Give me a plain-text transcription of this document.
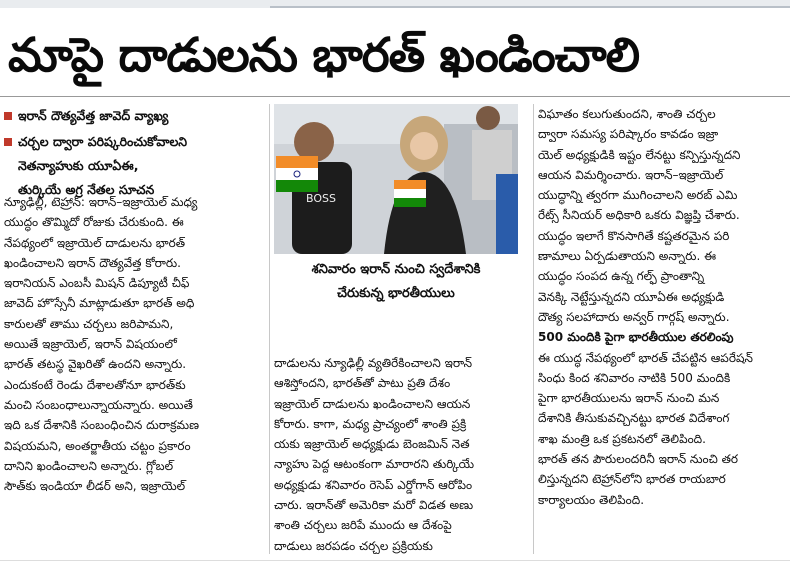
మాపై దాడులను భారత్ ఖండించాలి
ఇరాన్ దౌత్యవేత్త జావెద్ వ్యాఖ్య
చర్చల ద్వారా పరిష్కరించుకోవాలని
నెతన్యాహుకు యూఏఈ,
తుర్కియే అగ్ర నేతల సూచన
న్యూఢిల్లీ, టెహ్రాన్: ఇరాన్–ఇజ్రాయెల్ మధ్య
యుద్ధం తొమ్మిదో రోజుకు చేరుకుంది. ఈ
నేపథ్యంలో ఇజ్రాయెల్ దాడులను భారత్
ఖండించాలని ఇరాన్ దౌత్యవేత్త కోరారు.
ఇరానియన్ ఎంబసీ మిషన్ డిప్యూటీ చీఫ్
జావెద్ హొస్సేనీ మాట్లాడుతూ భారత్ అధి
కారులతో తాము చర్చలు జరిపామని,
అయితే ఇజ్రాయెల్, ఇరాన్ విషయంలో
భారత్ తటస్థ వైఖరితో ఉందని అన్నారు.
ఎందుకంటే రెండు దేశాలతోనూ భారత్‌కు
మంచి సంబంధాలున్నాయన్నారు. అయితే
ఇది ఒక దేశానికి సంబంధించిన దురాక్రమణ
విషయమని, అంతర్జాతీయ చట్టం ప్రకారం
దానిని ఖండించాలని అన్నారు. గ్లోబల్
సౌత్‌కు ఇండియా లీడర్ అని, ఇజ్రాయెల్
BOSS
శనివారం ఇరాన్ నుంచి స్వదేశానికి
చేరుకున్న భారతీయులు
దాడులను న్యూఢిల్లీ వ్యతిరేకించాలని ఇరాన్
ఆశిస్తోందని, భారత్‌తో పాటు ప్రతి దేశం
ఇజ్రాయెల్ దాడులను ఖండించాలని ఆయన
కోరారు. కాగా, మధ్య ప్రాచ్యంలో శాంతి ప్రక్రి
యకు ఇజ్రాయెల్ అధ్యక్షుడు బెంజమిన్ నెత
న్యాహు పెద్ద ఆటంకంగా మారారని తుర్కియే
అధ్యక్షుడు శనివారం రెసెప్ ఎర్డోగాన్ ఆరోపిం
చారు. ఇరాన్‌తో అమెరికా మరో విడత అణు
శాంతి చర్చలు జరిపే ముందు ఆ దేశంపై
దాడులు జరపడం చర్చల ప్రక్రియకు
విఘాతం కలుగుతుందని, శాంతి చర్చల
ద్వారా సమస్య పరిష్కారం కావడం ఇజ్రా
యెల్ అధ్యక్షుడికి ఇష్టం లేనట్టు కన్పిస్తున్నదని
ఆయన విమర్శించారు. ఇరాన్–ఇజ్రాయెల్
యుద్ధాన్ని త్వరగా ముగించాలని అరబ్ ఎమి
రేట్స్ సీనియర్ అధికారి ఒకరు విజ్ఞప్తి చేశారు.
యుద్ధం ఇలాగే కొనసాగితే కష్టతరమైన పరి
ణామాలు ఏర్పడుతాయని అన్నారు. ఈ
యుద్ధం సంపద ఉన్న గల్ఫ్ ప్రాంతాన్ని
వెనక్కి నెట్టేస్తున్నదని యూఏఈ అధ్యక్షుడి
దౌత్య సలహాదారు అన్వర్ గార్గష్ అన్నారు.
500 మందికి పైగా భారతీయుల తరలింపు
ఈ యుద్ధ నేపథ్యంలో భారత్ చేపట్టిన ఆపరేషన్
సింధు కింద శనివారం నాటికి 500 మందికి
పైగా భారతీయులను ఇరాన్ నుంచి మన
దేశానికి తీసుకువచ్చినట్టు భారత విదేశాంగ
శాఖ మంత్రి ఒక ప్రకటనలో తెలిపింది.
భారత్ తన పౌరులందరినీ ఇరాన్ నుంచి తర
లిస్తున్నదని టెహ్రాన్‌లోని భారత రాయబార
కార్యాలయం తెలిపింది.
